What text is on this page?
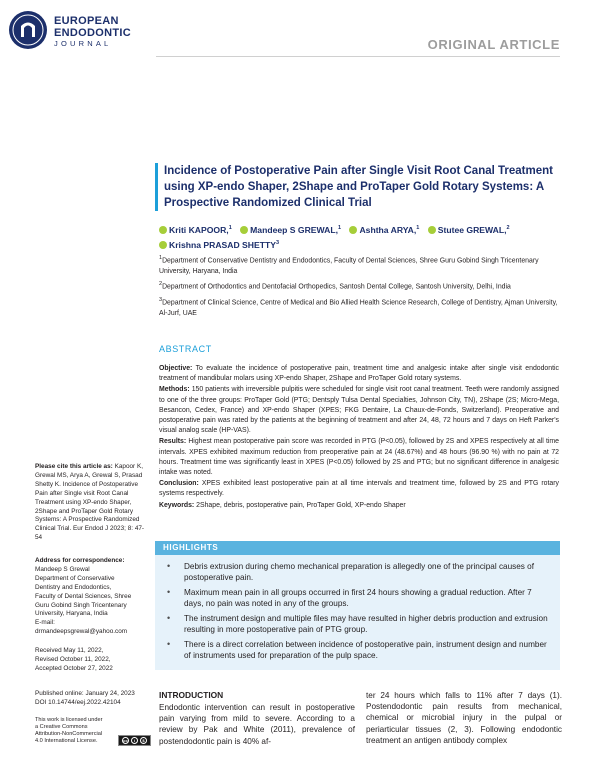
EUROPEAN
ENDODONTIC
JOURNAL	ORIGINAL ARTICLE
Incidence of Postoperative Pain after Single Visit Root Canal Treatment using XP-endo Shaper, 2Shape and ProTaper Gold Rotary Systems: A Prospective Randomized Clinical Trial
Kriti KAPOOR,$^1$ Mandeep S GREWAL,$^1$ Ashtha ARYA,$^1$ Stutee GREWAL,$^2$
Krishna PRASAD SHETTY$^3$
$^1$Department of Conservative Dentistry and Endodontics, Faculty of Dental Sciences, Shree Guru Gobind Singh Tricentenary University, Haryana, India
$^2$Department of Orthodontics and Dentofacial Orthopedics, Santosh Dental College, Santosh University, Delhi, India
$^3$Department of Clinical Science, Centre of Medical and Bio Allied Health Science Research, College of Dentistry, Ajman University, Al-Jurf, UAE
ABSTRACT

Objective: To evaluate the incidence of postoperative pain, treatment time and analgesic intake after single visit endodontic treatment of mandibular molars using XP-endo Shaper, 2Shape and ProTaper Gold rotary systems.

Methods: 150 patients with irreversible pulpitis were scheduled for single visit root canal treatment. Teeth were randomly assigned to one of the three groups: ProTaper Gold (PTG; Dentsply Tulsa Dental Specialties, Johnson City, TN), 2Shape (2S; Micro-Mega, Besancon, Cedex, France) and XP-endo Shaper (XPES; FKG Dentaire, La Chaux-de-Fonds, Switzerland). Preoperative and postoperative pain was rated by the patients at the beginning of treatment and after 24, 48, 72 hours and 7 days on Heft Parker's visual analog scale (HP-VAS).

Results: Highest mean postoperative pain score was recorded in PTG (P<0.05), followed by 2S and XPES respectively at all time intervals. XPES exhibited maximum reduction from preoperative pain at 24 (48.67%) and 48 hours (96.90 %) with no pain at 72 hours. Treatment time was significantly least in XPES (P<0.05) followed by 2S and PTG; but no significant difference in analgesic intake was noted.

Conclusion: XPES exhibited least postoperative pain at all time intervals and treatment time, followed by 2S and PTG rotary systems respectively.

Keywords: 2Shape, debris, postoperative pain, ProTaper Gold, XP-endo Shaper

HIGHLIGHTS
• Debris extrusion during chemo mechanical preparation is allegedly one of the principal causes of postoperative pain.
• Maximum mean pain in all groups occurred in first 24 hours showing a gradual reduction. After 7 days, no pain was noted in any of the groups.
• The instrument design and multiple files may have resulted in higher debris production and extrusion resulting in more postoperative pain of PTG group.
• There is a direct correlation between incidence of postoperative pain, instrument design and number of instruments used for preparation of the pulp space.
Please cite this article as: Kapoor K, Grewal MS, Arya A, Grewal S, Prasad Shetty K. Incidence of Postoperative Pain after Single visit Root Canal Treatment using XP-endo Shaper, 2Shape and ProTaper Gold Rotary Systems: A Prospective Randomized Clinical Trial. Eur Endod J 2023; 8: 47-54
Address for correspondence:
Mandeep S Grewal
Department of Conservative
Dentistry and Endodontics,
Faculty of Dental Sciences, Shree
Guru Gobind Singh Tricentenary
University, Haryana, India
E-mail:
drmandeepsgrewal@yahoo.com
Received May 11, 2022,
Revised October 11, 2022,
Accepted October 27, 2022
Published online: January 24, 2023
DOI 10.14744/eej.2022.42104
This work is licensed under
a Creative Commons
Attribution-NonCommercial
4.0 International License.	cc	i	$
INTRODUCTION
Endodontic intervention can result in postoperative pain varying from mild to severe. According to a review by Pak and White (2011), prevalence of postendodontic pain is 40% af-
ter 24 hours which falls to 11% after 7 days (1). Postendodontic pain results from mechanical, chemical or microbial injury in the pulpal or periarticular tissues (2, 3). Following endodontic treatment an antigen antibody complex
